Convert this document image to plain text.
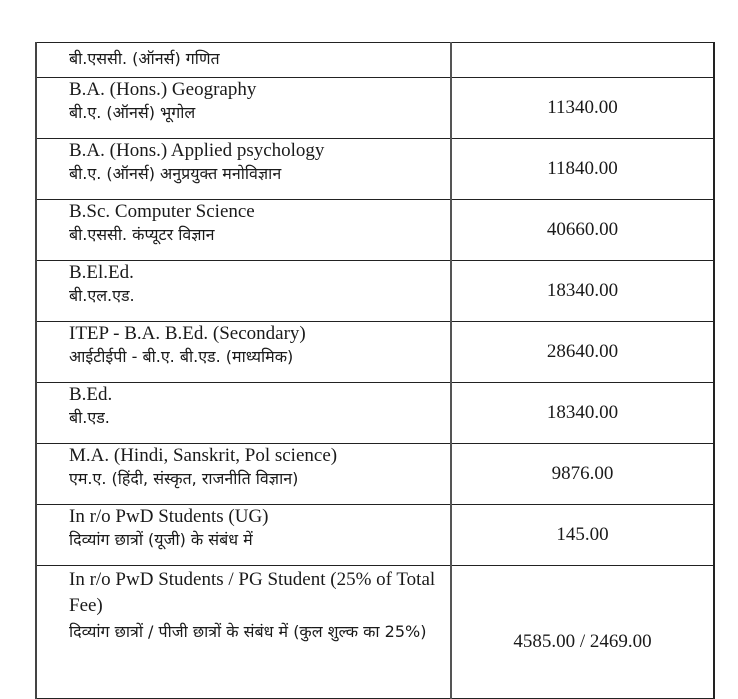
बी.एससी. (ऑनर्स) गणित	

B.A. (Hons.) Geography
बी.ए. (ऑनर्स) भूगोल	11340.00

B.A. (Hons.) Applied psychology
बी.ए. (ऑनर्स) अनुप्रयुक्त मनोविज्ञान	11840.00

B.Sc. Computer Science
बी.एससी. कंप्यूटर विज्ञान	40660.00

B.El.Ed.
बी.एल.एड.	18340.00

ITEP - B.A. B.Ed. (Secondary)
आईटीईपी - बी.ए. बी.एड. (माध्यमिक)	28640.00

B.Ed.
बी.एड.	18340.00

M.A. (Hindi, Sanskrit, Pol science)
एम.ए. (हिंदी, संस्कृत, राजनीति विज्ञान)	9876.00

In r/o PwD Students (UG)
दिव्यांग छात्रों (यूजी) के संबंध में	145.00

In r/o PwD Students / PG Student (25% of Total Fee)
दिव्यांग छात्रों / पीजी छात्रों के संबंध में (कुल शुल्क का 25%)	4585.00 / 2469.00
